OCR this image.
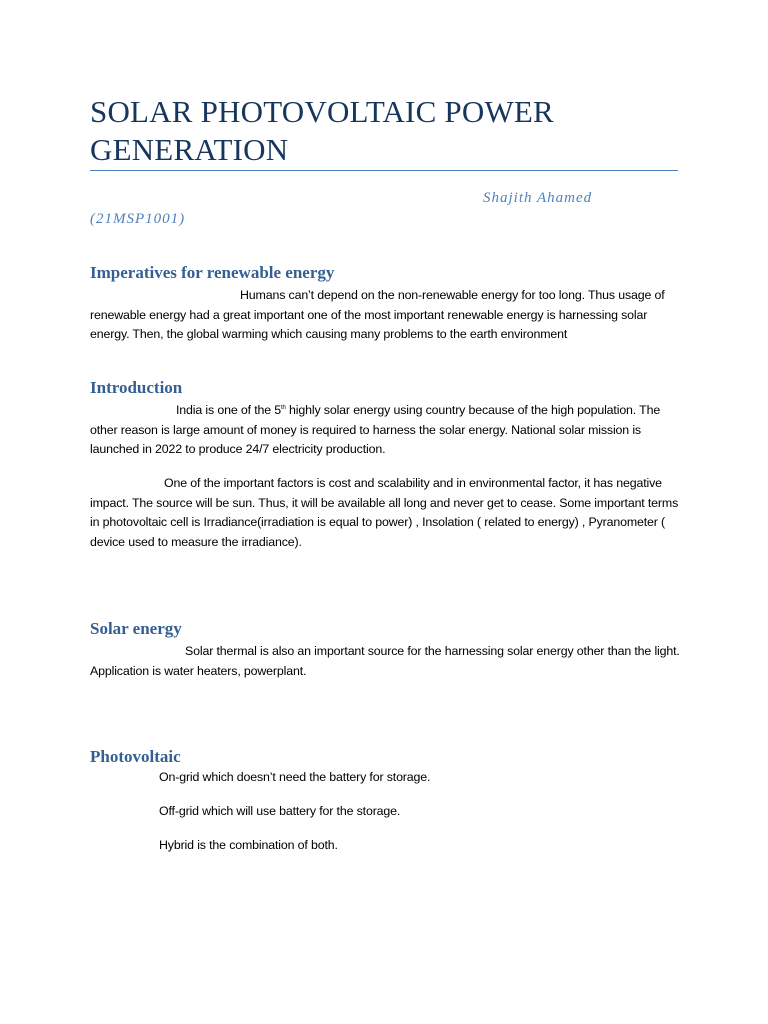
SOLAR PHOTOVOLTAIC POWER GENERATION
Shajith Ahamed
(21MSP1001)
Imperatives for renewable energy

Humans can’t depend on the non-renewable energy for too long. Thus usage of renewable energy had a great important one of the most important renewable energy is harnessing solar energy. Then, the global warming which causing many problems to the earth environment

Introduction

India is one of the 5th highly solar energy using country because of the high population. The other reason is large amount of money is required to harness the solar energy. National solar mission is launched in 2022 to produce 24/7 electricity production.

One of the important factors is cost and scalability and in environmental factor, it has negative impact. The source will be sun. Thus, it will be available all long and never get to cease. Some important terms in photovoltaic cell is Irradiance(irradiation is equal to power) , Insolation ( related to energy) , Pyranometer ( device used to measure the irradiance).

Solar energy

Solar thermal is also an important source for the harnessing solar energy other than the light. Application is water heaters, powerplant.

Photovoltaic

On-grid which doesn’t need the battery for storage.

Off-grid which will use battery for the storage.

Hybrid is the combination of both.
